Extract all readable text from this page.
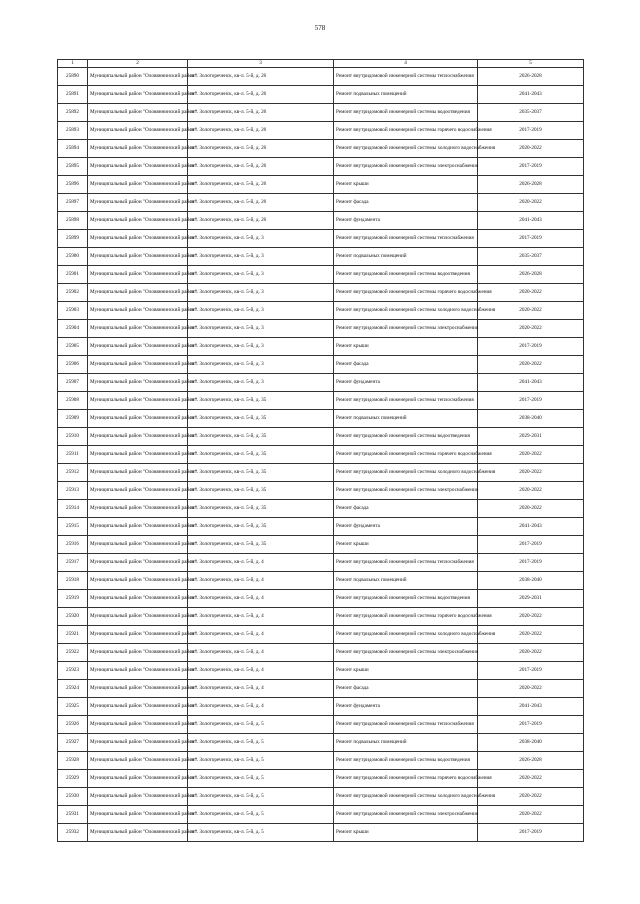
578
1	2	3	4	5
25890	Муниципальный район "Оловяннинский район"	пгт. Золотореченск, кв-л. 5-й, д. 26	Ремонт внутридомовой инженерной системы теплоснабжения	2026-2028
25891	Муниципальный район "Оловяннинский район"	пгт. Золотореченск, кв-л. 5-й, д. 26	Ремонт подвальных помещений	2041-2043
25892	Муниципальный район "Оловяннинский район"	пгт. Золотореченск, кв-л. 5-й, д. 26	Ремонт внутридомовой инженерной системы водоотведения	2035-2037
25893	Муниципальный район "Оловяннинский район"	пгт. Золотореченск, кв-л. 5-й, д. 26	Ремонт внутридомовой инженерной системы горячего водоснабжения	2017-2019
25894	Муниципальный район "Оловяннинский район"	пгт. Золотореченск, кв-л. 5-й, д. 26	Ремонт внутридомовой инженерной системы холодного водоснабжения	2020-2022
25895	Муниципальный район "Оловяннинский район"	пгт. Золотореченск, кв-л. 5-й, д. 26	Ремонт внутридомовой инженерной системы электроснабжения	2017-2019
25896	Муниципальный район "Оловяннинский район"	пгт. Золотореченск, кв-л. 5-й, д. 26	Ремонт крыши	2026-2028
25897	Муниципальный район "Оловяннинский район"	пгт. Золотореченск, кв-л. 5-й, д. 26	Ремонт фасада	2020-2022
25898	Муниципальный район "Оловяннинский район"	пгт. Золотореченск, кв-л. 5-й, д. 26	Ремонт фундамента	2041-2043
25899	Муниципальный район "Оловяннинский район"	пгт. Золотореченск, кв-л. 5-й, д. 3	Ремонт внутридомовой инженерной системы теплоснабжения	2017-2019
25900	Муниципальный район "Оловяннинский район"	пгт. Золотореченск, кв-л. 5-й, д. 3	Ремонт подвальных помещений	2035-2037
25901	Муниципальный район "Оловяннинский район"	пгт. Золотореченск, кв-л. 5-й, д. 3	Ремонт внутридомовой инженерной системы водоотведения	2026-2028
25902	Муниципальный район "Оловяннинский район"	пгт. Золотореченск, кв-л. 5-й, д. 3	Ремонт внутридомовой инженерной системы горячего водоснабжения	2020-2022
25903	Муниципальный район "Оловяннинский район"	пгт. Золотореченск, кв-л. 5-й, д. 3	Ремонт внутридомовой инженерной системы холодного водоснабжения	2020-2022
25904	Муниципальный район "Оловяннинский район"	пгт. Золотореченск, кв-л. 5-й, д. 3	Ремонт внутридомовой инженерной системы электроснабжения	2020-2022
25905	Муниципальный район "Оловяннинский район"	пгт. Золотореченск, кв-л. 5-й, д. 3	Ремонт крыши	2017-2019
25906	Муниципальный район "Оловяннинский район"	пгт. Золотореченск, кв-л. 5-й, д. 3	Ремонт фасада	2020-2022
25907	Муниципальный район "Оловяннинский район"	пгт. Золотореченск, кв-л. 5-й, д. 3	Ремонт фундамента	2041-2043
25908	Муниципальный район "Оловяннинский район"	пгт. Золотореченск, кв-л. 5-й, д. 35	Ремонт внутридомовой инженерной системы теплоснабжения	2017-2019
25909	Муниципальный район "Оловяннинский район"	пгт. Золотореченск, кв-л. 5-й, д. 35	Ремонт подвальных помещений	2038-2040
25910	Муниципальный район "Оловяннинский район"	пгт. Золотореченск, кв-л. 5-й, д. 35	Ремонт внутридомовой инженерной системы водоотведения	2029-2031
25911	Муниципальный район "Оловяннинский район"	пгт. Золотореченск, кв-л. 5-й, д. 35	Ремонт внутридомовой инженерной системы горячего водоснабжения	2020-2022
25912	Муниципальный район "Оловяннинский район"	пгт. Золотореченск, кв-л. 5-й, д. 35	Ремонт внутридомовой инженерной системы холодного водоснабжения	2020-2022
25913	Муниципальный район "Оловяннинский район"	пгт. Золотореченск, кв-л. 5-й, д. 35	Ремонт внутридомовой инженерной системы электроснабжения	2020-2022
25914	Муниципальный район "Оловяннинский район"	пгт. Золотореченск, кв-л. 5-й, д. 35	Ремонт фасада	2020-2022
25915	Муниципальный район "Оловяннинский район"	пгт. Золотореченск, кв-л. 5-й, д. 35	Ремонт фундамента	2041-2043
25916	Муниципальный район "Оловяннинский район"	пгт. Золотореченск, кв-л. 5-й, д. 35	Ремонт крыши	2017-2019
25917	Муниципальный район "Оловяннинский район"	пгт. Золотореченск, кв-л. 5-й, д. 4	Ремонт внутридомовой инженерной системы теплоснабжения	2017-2019
25918	Муниципальный район "Оловяннинский район"	пгт. Золотореченск, кв-л. 5-й, д. 4	Ремонт подвальных помещений	2038-2040
25919	Муниципальный район "Оловяннинский район"	пгт. Золотореченск, кв-л. 5-й, д. 4	Ремонт внутридомовой инженерной системы водоотведения	2029-2031
25920	Муниципальный район "Оловяннинский район"	пгт. Золотореченск, кв-л. 5-й, д. 4	Ремонт внутридомовой инженерной системы горячего водоснабжения	2020-2022
25921	Муниципальный район "Оловяннинский район"	пгт. Золотореченск, кв-л. 5-й, д. 4	Ремонт внутридомовой инженерной системы холодного водоснабжения	2020-2022
25922	Муниципальный район "Оловяннинский район"	пгт. Золотореченск, кв-л. 5-й, д. 4	Ремонт внутридомовой инженерной системы электроснабжения	2020-2022
25923	Муниципальный район "Оловяннинский район"	пгт. Золотореченск, кв-л. 5-й, д. 4	Ремонт крыши	2017-2019
25924	Муниципальный район "Оловяннинский район"	пгт. Золотореченск, кв-л. 5-й, д. 4	Ремонт фасада	2020-2022
25925	Муниципальный район "Оловяннинский район"	пгт. Золотореченск, кв-л. 5-й, д. 4	Ремонт фундамента	2041-2043
25926	Муниципальный район "Оловяннинский район"	пгт. Золотореченск, кв-л. 5-й, д. 5	Ремонт внутридомовой инженерной системы теплоснабжения	2017-2019
25927	Муниципальный район "Оловяннинский район"	пгт. Золотореченск, кв-л. 5-й, д. 5	Ремонт подвальных помещений	2038-2040
25928	Муниципальный район "Оловяннинский район"	пгт. Золотореченск, кв-л. 5-й, д. 5	Ремонт внутридомовой инженерной системы водоотведения	2026-2028
25929	Муниципальный район "Оловяннинский район"	пгт. Золотореченск, кв-л. 5-й, д. 5	Ремонт внутридомовой инженерной системы горячего водоснабжения	2020-2022
25930	Муниципальный район "Оловяннинский район"	пгт. Золотореченск, кв-л. 5-й, д. 5	Ремонт внутридомовой инженерной системы холодного водоснабжения	2020-2022
25931	Муниципальный район "Оловяннинский район"	пгт. Золотореченск, кв-л. 5-й, д. 5	Ремонт внутридомовой инженерной системы электроснабжения	2020-2022
25932	Муниципальный район "Оловяннинский район"	пгт. Золотореченск, кв-л. 5-й, д. 5	Ремонт крыши	2017-2019
